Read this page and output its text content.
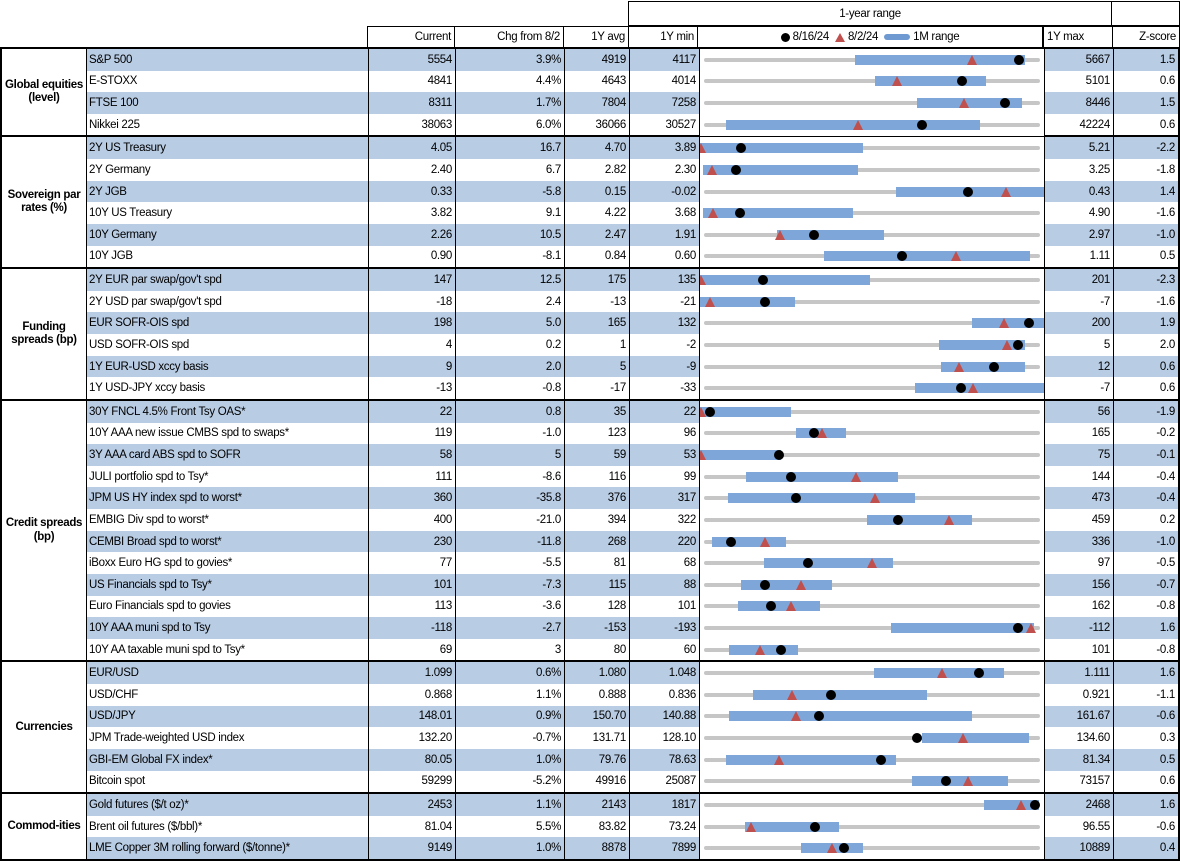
1-year range
Current	Chg from 8/2	1Y avg	1Y min	8/16/24 8/2/24	1M range	1Y max	Z-score
Global equities (level)
S&P 500	5554	3.9%	4919	4117	5667	1.5
E-STOXX	4841	4.4%	4643	4014	5101	0.6
FTSE 100	8311	1.7%	7804	7258	8446	1.5
Nikkei 225	38063	6.0%	36066	30527	42224	0.6
Sovereign par rates (%)
2Y US Treasury	4.05	16.7	4.70	3.89	5.21	-2.2
2Y Germany	2.40	6.7	2.82	2.30	3.25	-1.8
2Y JGB	0.33	-5.8	0.15	-0.02	0.43	1.4
10Y US Treasury	3.82	9.1	4.22	3.68	4.90	-1.6
10Y Germany	2.26	10.5	2.47	1.91	2.97	-1.0
10Y JGB	0.90	-8.1	0.84	0.60	1.11	0.5
Funding spreads (bp)
2Y EUR par swap/gov't spd	147	12.5	175	135	201	-2.3
2Y USD par swap/gov't spd	-18	2.4	-13	-21	-7	-1.6
EUR SOFR-OIS spd	198	5.0	165	132	200	1.9
USD SOFR-OIS spd	4	0.2	1	-2	5	2.0
1Y EUR-USD xccy basis	9	2.0	5	-9	12	0.6
1Y USD-JPY xccy basis	-13	-0.8	-17	-33	-7	0.6
Credit spreads (bp)
30Y FNCL 4.5% Front Tsy OAS*	22	0.8	35	22	56	-1.9
10Y AAA new issue CMBS spd to swaps*	119	-1.0	123	96	165	-0.2
3Y AAA card ABS spd to SOFR	58	5	59	53	75	-0.1
JULI portfolio spd to Tsy*	111	-8.6	116	99	144	-0.4
JPM US HY index spd to worst*	360	-35.8	376	317	473	-0.4
EMBIG Div spd to worst*	400	-21.0	394	322	459	0.2
CEMBI Broad spd to worst*	230	-11.8	268	220	336	-1.0
iBoxx Euro HG spd to govies*	77	-5.5	81	68	97	-0.5
US Financials spd to Tsy*	101	-7.3	115	88	156	-0.7
Euro Financials spd to govies	113	-3.6	128	101	162	-0.8
10Y AAA muni spd to Tsy	-118	-2.7	-153	-193	-112	1.6
10Y AA taxable muni spd to Tsy*	69	3	80	60	101	-0.8
Currencies
EUR/USD	1.099	0.6%	1.080	1.048	1.111	1.6
USD/CHF	0.868	1.1%	0.888	0.836	0.921	-1.1
USD/JPY	148.01	0.9%	150.70	140.88	161.67	-0.6
JPM Trade-weighted USD index	132.20	-0.7%	131.71	128.10	134.60	0.3
GBI-EM Global FX index*	80.05	1.0%	79.76	78.63	81.34	0.5
Bitcoin spot	59299	-5.2%	49916	25087	73157	0.6
Commod-ities
Gold futures ($/t oz)*	2453	1.1%	2143	1817	2468	1.6
Brent oil futures ($/bbl)*	81.04	5.5%	83.82	73.24	96.55	-0.6
LME Copper 3M rolling forward ($/tonne)*	9149	1.0%	8878	7899	10889	0.4
